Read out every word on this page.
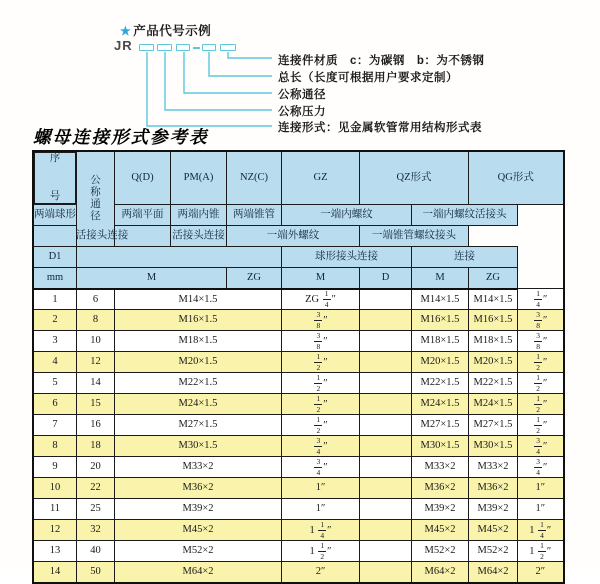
★ 产品代号示例
JR
连接件材质　c：为碳钢　b：为不锈钢
总长（长度可根据用户要求定制）
公称通径
公称压力
连接形式：见金属软管常用结构形式表
螺母连接形式参考表
序
号
公
称
通
径	Q(D)	PM(A)	NZ(C)	GZ	QZ形式		QG形式	
两端球形		两端平面	两端内锥	两端锥管	一端内螺纹		一端内螺纹活接头		
活接头连接			活接头连接	一端外螺纹		一端锥管螺纹接头			
D1					球形接头连接		连接		
mm	M			ZG	M	D	M	ZG	
1	6	M14×1.5			ZG $\frac{1}{4}$ ″		M14×1.5	M14×1.5	$\frac{1}{4}$ ″
2	8	M16×1.5			$\frac{3}{8}$ ″		M16×1.5	M16×1.5	$\frac{3}{8}$ ″
3	10	M18×1.5			$\frac{3}{8}$ ″		M18×1.5	M18×1.5	$\frac{3}{8}$ ″
4	12	M20×1.5			$\frac{1}{2}$ ″		M20×1.5	M20×1.5	$\frac{1}{2}$ ″
5	14	M22×1.5			$\frac{1}{2}$ ″		M22×1.5	M22×1.5	$\frac{1}{2}$ ″
6	15	M24×1.5			$\frac{1}{2}$ ″		M24×1.5	M24×1.5	$\frac{1}{2}$ ″
7	16	M27×1.5			$\frac{1}{2}$ ″		M27×1.5	M27×1.5	$\frac{1}{2}$ ″
8	18	M30×1.5			$\frac{3}{4}$ ″		M30×1.5	M30×1.5	$\frac{3}{4}$ ″
9	20	M33×2			$\frac{3}{4}$ ″		M33×2	M33×2	$\frac{3}{4}$ ″
10	22	M36×2			1″		M36×2	M36×2	1″
11	25	M39×2			1″		M39×2	M39×2	1″
12	32	M45×2			$1 \frac{1}{4}$ ″		M45×2	M45×2	$1 \frac{1}{4}$ ″
13	40	M52×2			$1 \frac{1}{2}$ ″		M52×2	M52×2	$1 \frac{1}{2}$ ″
14	50	M64×2			2″		M64×2	M64×2	2″
